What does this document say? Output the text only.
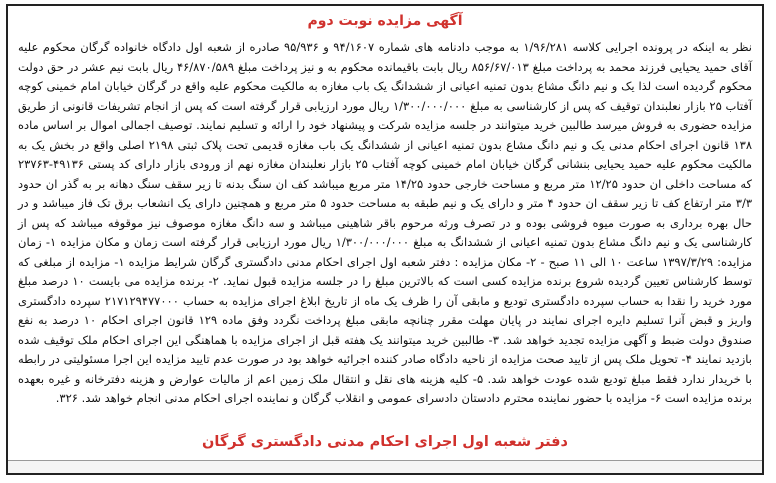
آگهی مزایده نوبت دوم
نظر به اینکه در پرونده اجرایی کلاسه ۱/۹۶/۲۸۱ به موجب دادنامه های شماره ۹۴/۱۶۰۷ و ۹۵/۹۳۶ صادره از شعبه اول دادگاه خانواده گرگان محکوم علیه آقای حمید یحیایی فرزند محمد به پرداخت مبلغ ۸۵۶/۶۷/۰۱۳ ریال بابت باقیمانده محکوم به و نیز پرداخت مبلغ ۴۶/۸۷۰/۵۸۹ ریال بابت نیم عشر در حق دولت محکوم گردیده است لذا یک و نیم دانگ مشاع بدون تمنیه اعیانی از ششدانگ یک باب مغازه به مالکیت محکوم علیه واقع در گرگان خیابان امام خمینی کوچه آفتاب ۲۵ بازار نعلبندان توقیف که پس از کارشناسی به مبلغ ۱/۳۰۰/۰۰۰/۰۰۰ ریال مورد ارزیابی قرار گرفته است که پس از انجام تشریفات قانونی از طریق مزایده حضوری به فروش میرسد طالبین خرید میتوانند در جلسه مزایده شرکت و پیشنهاد خود را ارائه و تسلیم نمایند. توصیف اجمالی اموال بر اساس ماده ۱۳۸ قانون اجرای احکام مدنی یک و نیم دانگ مشاع بدون تمنیه اعیانی از ششدانگ یک باب مغازه قدیمی تحت پلاک ثبتی ۲۱۹۸ اصلی واقع در بخش یک به مالکیت محکوم علیه حمید یحیایی بنشانی گرگان خیابان امام خمینی کوچه آفتاب ۲۵ بازار نعلبندان مغازه نهم از ورودی بازار دارای کد پستی ۴۹۱۳۶-۲۳۷۶۳ که مساحت داخلی ان حدود ۱۲/۲۵ متر مربع و مساحت خارجی حدود ۱۴/۲۵ متر مربع میباشد کف ان سنگ بدنه تا زیر سقف سنگ دهانه بر به گذر ان حدود ۳/۳ متر ارتفاع کف تا زیر سقف ان حدود ۴ متر و دارای یک و نیم طبقه به مساحت حدود ۵ متر مربع و همچنین دارای یک انشعاب برق تک فاز میباشد و در حال بهره برداری به صورت میوه فروشی بوده و در تصرف ورثه مرحوم باقر شاهینی میباشد و سه دانگ مغازه موصوف نیز موقوفه میباشد که پس از کارشناسی یک و نیم دانگ مشاع بدون تمنیه اعیانی از ششدانگ به مبلغ ۱/۳۰۰/۰۰۰/۰۰۰ ریال مورد ارزیابی قرار گرفته است زمان و مکان مزایده ۱- زمان مزایده: ۱۳۹۷/۳/۲۹ ساعت ۱۰ الی ۱۱ صبح - ۲- مکان مزایده : دفتر شعبه اول اجرای احکام مدنی دادگستری گرگان شرایط مزایده ۱- مزایده از مبلغی که توسط کارشناس تعیین گردیده شروع برنده مزایده کسی است که بالاترین مبلغ را در جلسه مزایده قبول نماید. ۲- برنده مزایده می بایست ۱۰ درصد مبلغ مورد خرید را نقدا به حساب سپرده دادگستری تودیع و مابقی آن را ظرف یک ماه از تاریخ ابلاغ اجرای مزایده به حساب ۲۱۷۱۲۹۴۷۷۰۰۰ سپرده دادگستری واریز و قبض آنرا تسلیم دایره اجرای نمایند در پایان مهلت مقرر چنانچه مابقی مبلغ پرداخت نگردد وفق ماده ۱۲۹ قانون اجرای احکام ۱۰ درصد به نفع صندوق دولت ضبط و آگهی مزایده تجدید خواهد شد. ۳- طالبین خرید میتوانند یک هفته قبل از اجرای مزایده با هماهنگی این اجرای احکام ملک توقیف شده بازدید نمایند ۴- تحویل ملک پس از تایید صحت مزایده از ناحیه دادگاه صادر کننده اجرائیه خواهد بود در صورت عدم تایید مزایده این اجرا مسئولیتی در رابطه با خریدار ندارد فقط مبلغ تودیع شده عودت خواهد شد. ۵- کلیه هزینه های نقل و انتقال ملک زمین اعم از مالیات عوارض و هزینه دفترخانه و غیره بعهده برنده مزایده است ۶- مزایده با حضور نماینده محترم دادستان دادسرای عمومی و انقلاب گرگان و نماینده اجرای احکام مدنی انجام خواهد شد. ۳۲۶.
دفتر شعبه اول اجرای احکام مدنی دادگستری گرگان
